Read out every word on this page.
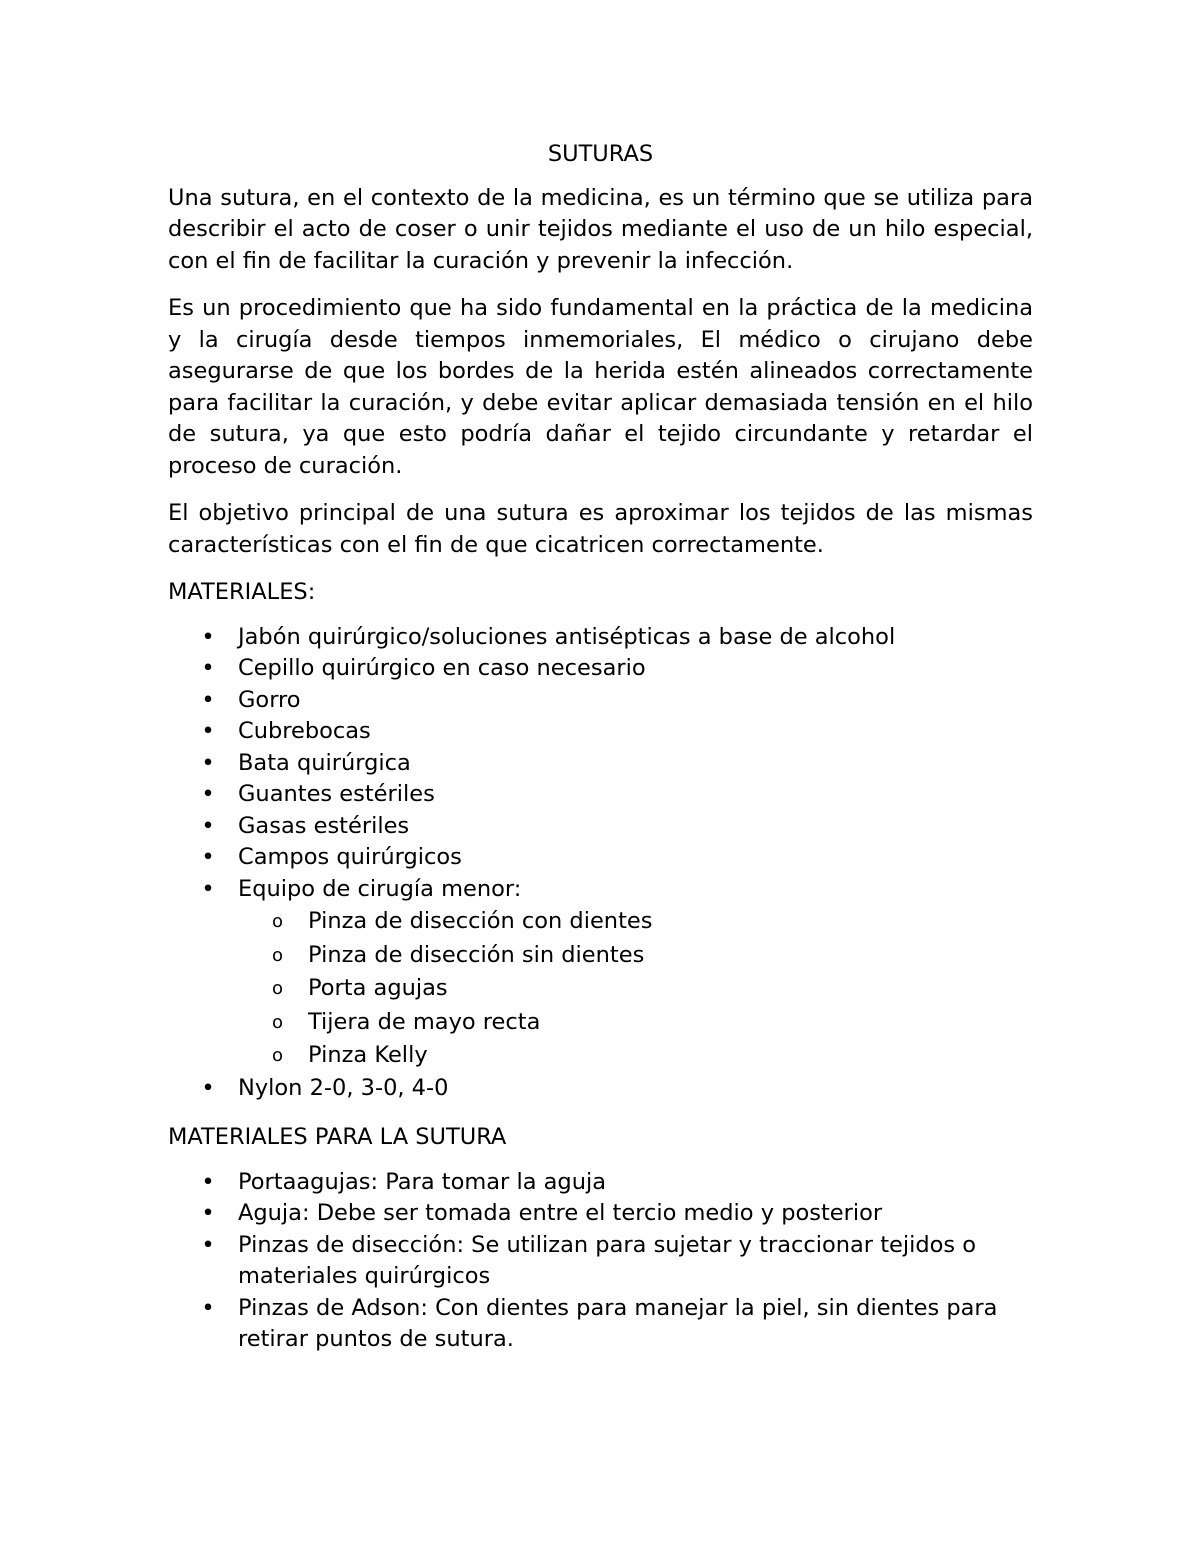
SUTURAS

Una sutura, en el contexto de la medicina, es un término que se utiliza para describir el acto de coser o unir tejidos mediante el uso de un hilo especial, con el fin de facilitar la curación y prevenir la infección.

Es un procedimiento que ha sido fundamental en la práctica de la medicina y la cirugía desde tiempos inmemoriales, El médico o cirujano debe asegurarse de que los bordes de la herida estén alineados correctamente para facilitar la curación, y debe evitar aplicar demasiada tensión en el hilo de sutura, ya que esto podría dañar el tejido circundante y retardar el proceso de curación.

El objetivo principal de una sutura es aproximar los tejidos de las mismas características con el fin de que cicatricen correctamente.

MATERIALES:
• Jabón quirúrgico/soluciones antisépticas a base de alcohol
• Cepillo quirúrgico en caso necesario
• Gorro
• Cubrebocas
• Bata quirúrgica
• Guantes estériles
• Gasas estériles
• Campos quirúrgicos
• Equipo de cirugía menor:
o Pinza de disección con dientes
o Pinza de disección sin dientes
o Porta agujas
o Tijera de mayo recta
o Pinza Kelly
• Nylon 2-0, 3-0, 4-0
MATERIALES PARA LA SUTURA
• Portaagujas: Para tomar la aguja
• Aguja: Debe ser tomada entre el tercio medio y posterior
• Pinzas de disección: Se utilizan para sujetar y traccionar tejidos o materiales quirúrgicos
• Pinzas de Adson: Con dientes para manejar la piel, sin dientes para retirar puntos de sutura.
